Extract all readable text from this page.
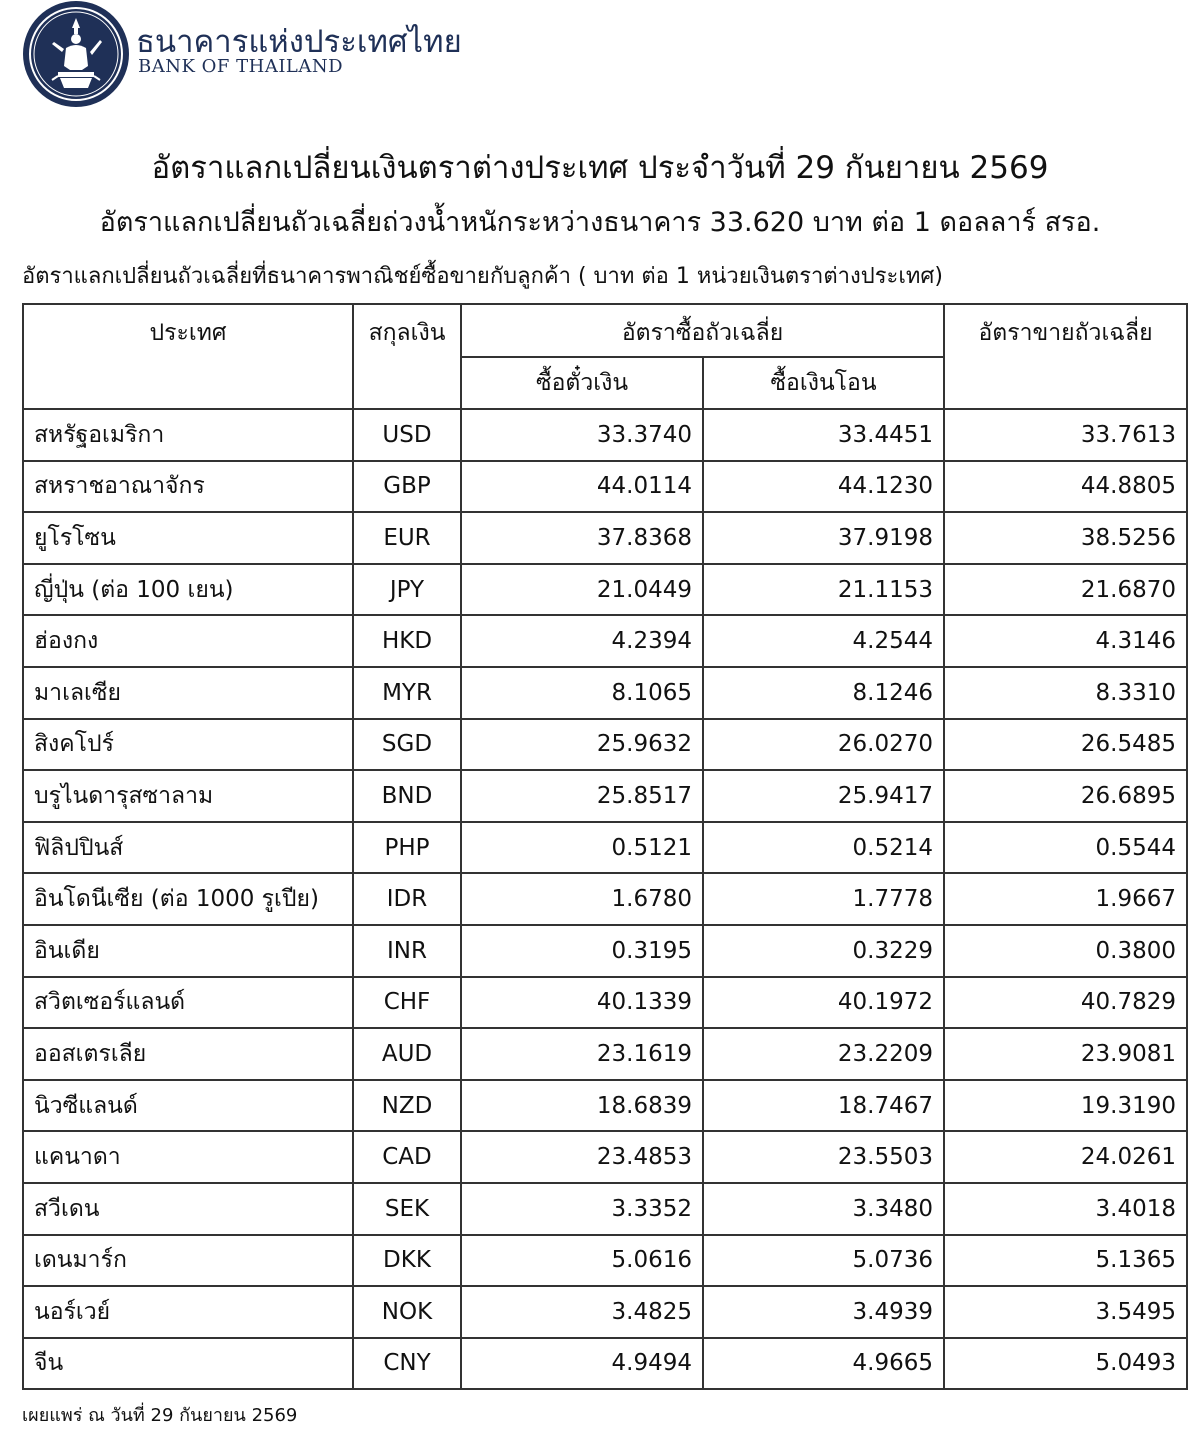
ธนาคารแห่งประเทศไทย
BANK OF THAILAND
อัตราแลกเปลี่ยนเงินตราต่างประเทศ ประจำวันที่ 29 กันยายน 2569
อัตราแลกเปลี่ยนถัวเฉลี่ยถ่วงน้ำหนักระหว่างธนาคาร 33.620 บาท ต่อ 1 ดอลลาร์ สรอ.
อัตราแลกเปลี่ยนถัวเฉลี่ยที่ธนาคารพาณิชย์ซื้อขายกับลูกค้า ( บาท ต่อ 1 หน่วยเงินตราต่างประเทศ)
ประเทศ	สกุลเงิน	อัตราซื้อถัวเฉลี่ย		อัตราขายถัวเฉลี่ย
		ซื้อตั๋วเงิน	ซื้อเงินโอน	
สหรัฐอเมริกา	USD	33.3740	33.4451	33.7613
สหราชอาณาจักร	GBP	44.0114	44.1230	44.8805
ยูโรโซน	EUR	37.8368	37.9198	38.5256
ญี่ปุ่น (ต่อ 100 เยน)	JPY	21.0449	21.1153	21.6870
ฮ่องกง	HKD	4.2394	4.2544	4.3146
มาเลเซีย	MYR	8.1065	8.1246	8.3310
สิงคโปร์	SGD	25.9632	26.0270	26.5485
บรูไนดารุสซาลาม	BND	25.8517	25.9417	26.6895
ฟิลิปปินส์	PHP	0.5121	0.5214	0.5544
อินโดนีเซีย (ต่อ 1000 รูเปีย)	IDR	1.6780	1.7778	1.9667
อินเดีย	INR	0.3195	0.3229	0.3800
สวิตเซอร์แลนด์	CHF	40.1339	40.1972	40.7829
ออสเตรเลีย	AUD	23.1619	23.2209	23.9081
นิวซีแลนด์	NZD	18.6839	18.7467	19.3190
แคนาดา	CAD	23.4853	23.5503	24.0261
สวีเดน	SEK	3.3352	3.3480	3.4018
เดนมาร์ก	DKK	5.0616	5.0736	5.1365
นอร์เวย์	NOK	3.4825	3.4939	3.5495
จีน	CNY	4.9494	4.9665	5.0493
เผยแพร่ ณ วันที่ 29 กันยายน 2569
